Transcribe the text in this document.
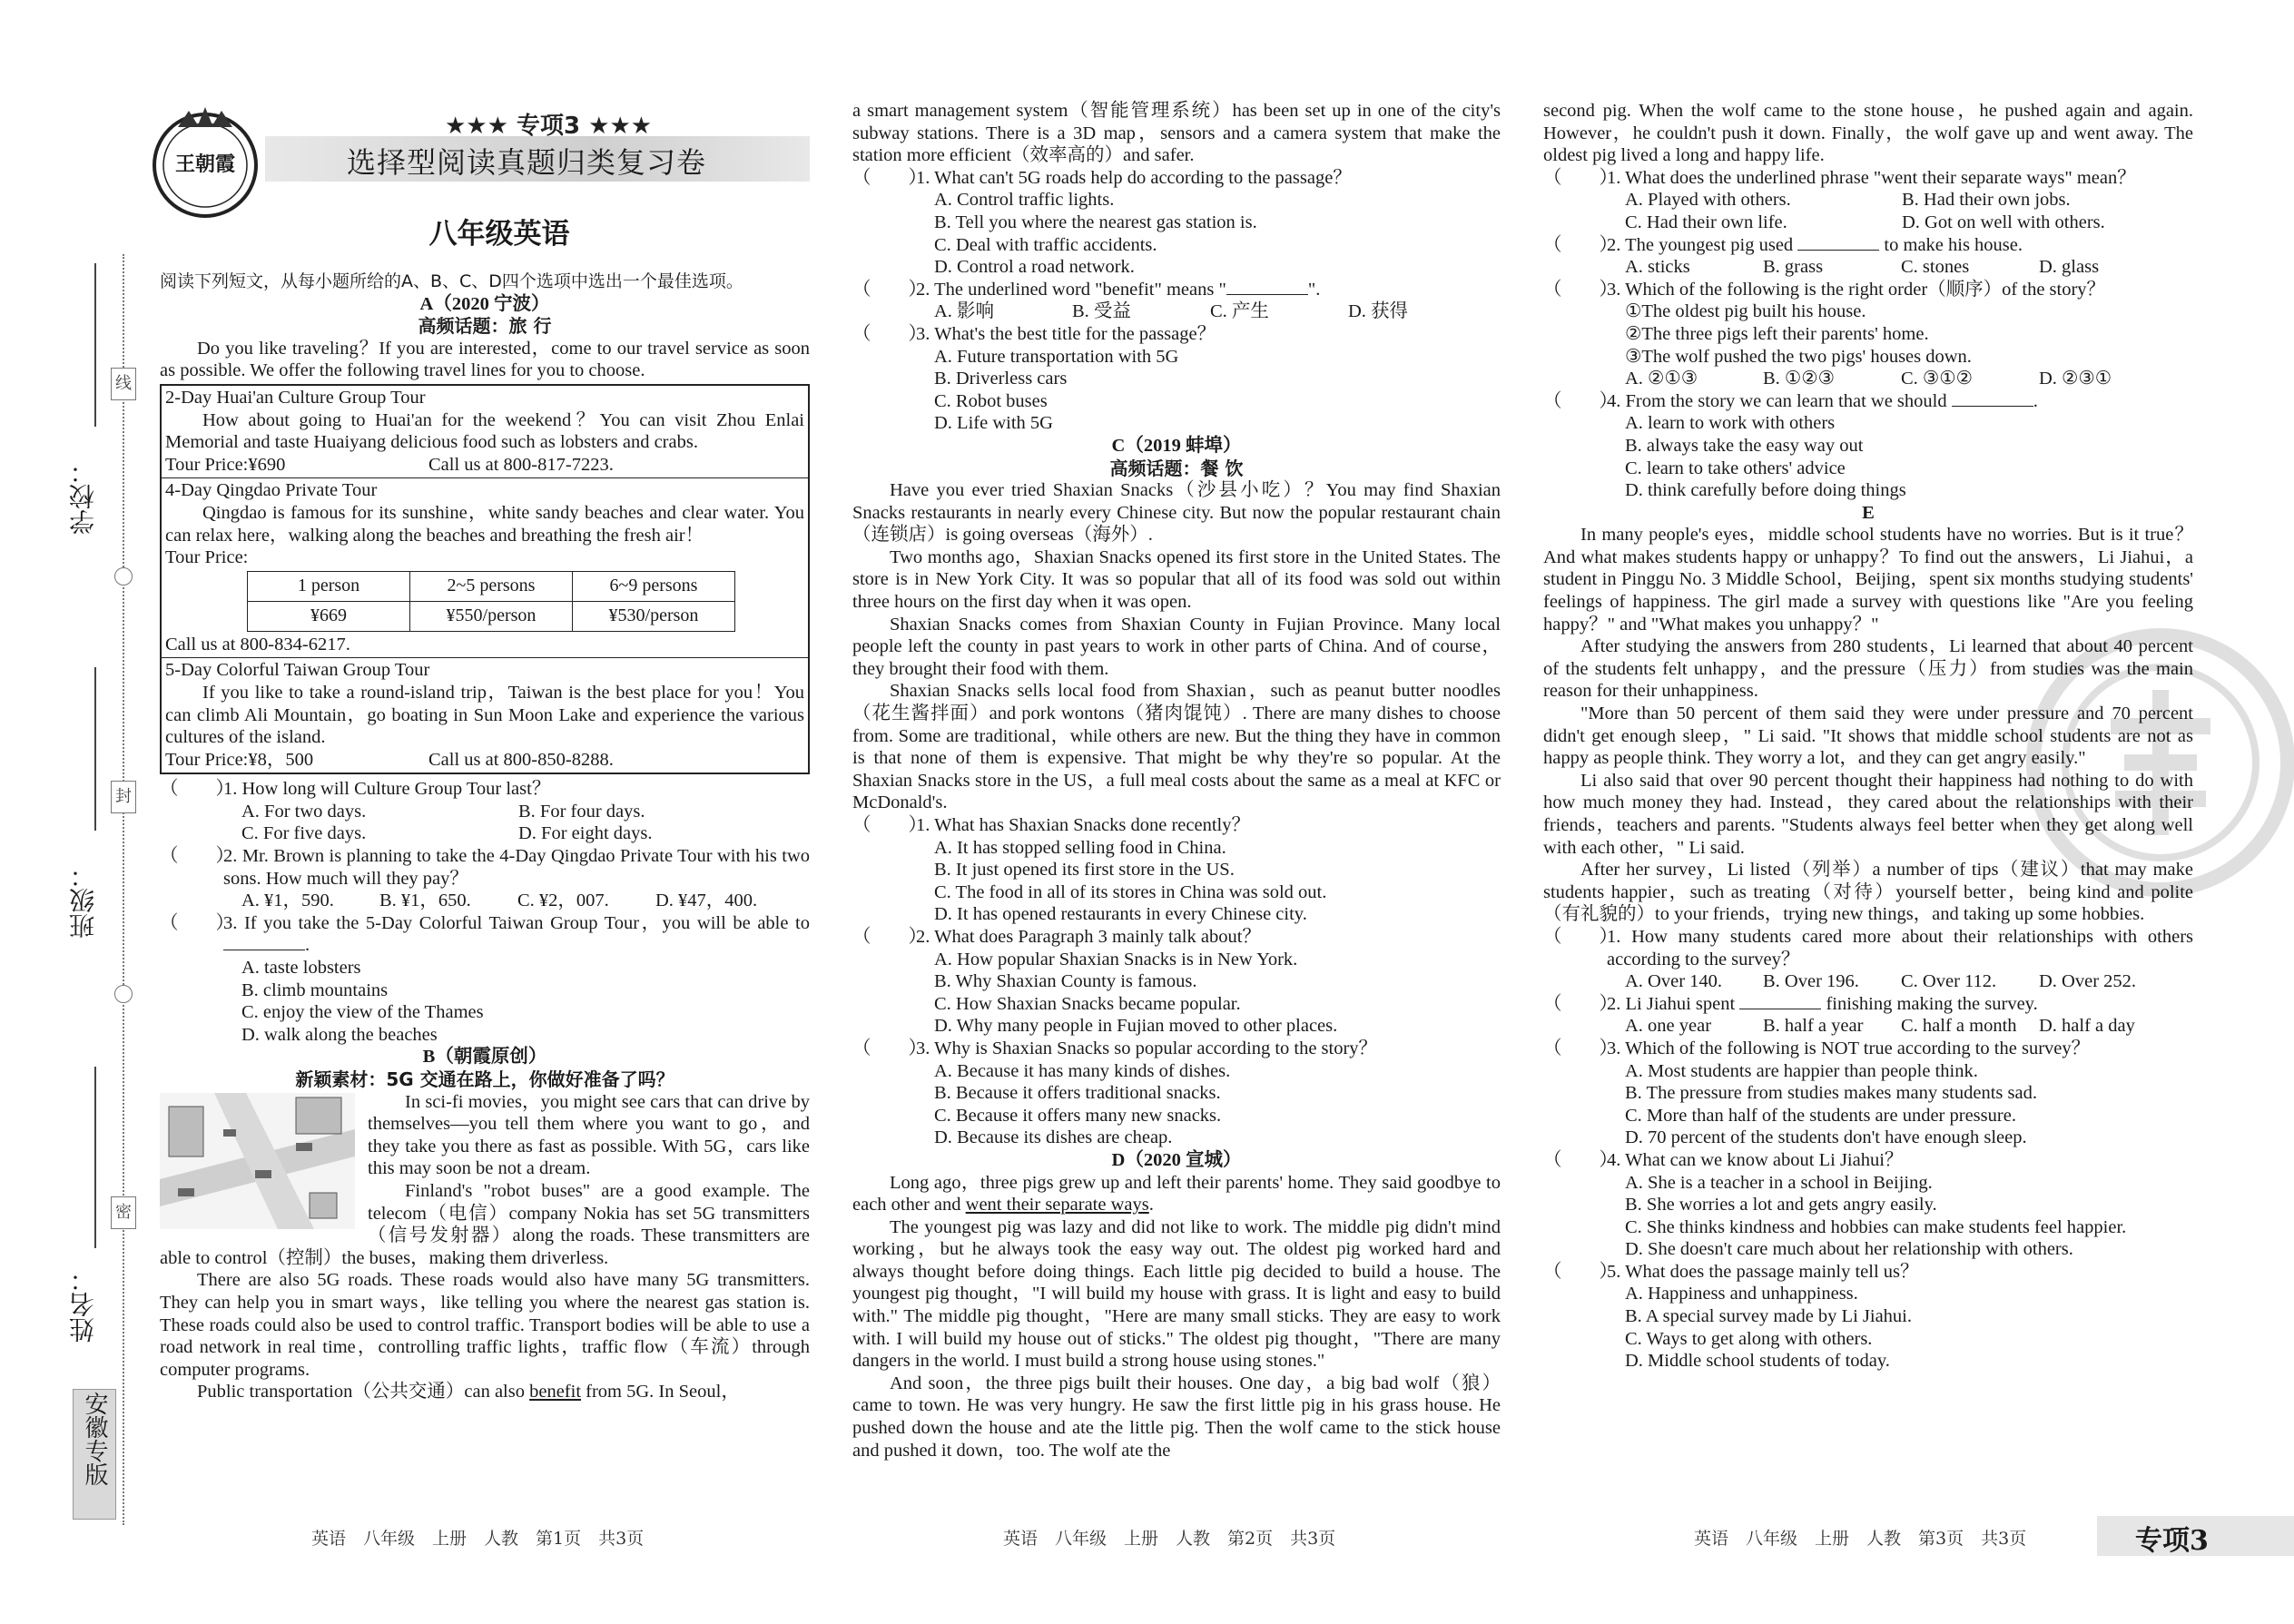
学校：
班级：
姓名：
线
封
密
安徽专版
王朝霞
★★★ 专项3 ★★★
选择型阅读真题归类复习卷
八年级英语

阅读下列短文，从每小题所给的A、B、C、D四个选项中选出一个最佳选项。

A（2020 宁波）

高频话题：旅 行

Do you like traveling？If you are interested，come to our travel service as soon as possible. We offer the following travel lines for you to choose.

2-Day Huai'an Culture Group Tour

How about going to Huai'an for the weekend？You can visit Zhou Enlai Memorial and taste Huaiyang delicious food such as lobsters and crabs.

Tour Price:¥690	Call us at 800-817-7223.

4-Day Qingdao Private Tour

Qingdao is famous for its sunshine，white sandy beaches and clear water. You can relax here，walking along the beaches and breathing the fresh air！

Tour Price:

1 person	2~5 persons	6~9 persons
¥669	¥550/person	¥530/person

Call us at 800-834-6217.

5-Day Colorful Taiwan Group Tour

If you like to take a round-island trip，Taiwan is the best place for you！You can climb Ali Mountain，go boating in Sun Moon Lake and experience the various cultures of the island.

Tour Price:¥8，500	Call us at 800-850-8288.

（　　）1. How long will Culture Group Tour last？

A. For two days.	B. For four days.
C. For five days.	D. For eight days.

（　　）2. Mr. Brown is planning to take the 4-Day Qingdao Private Tour with his two sons. How much will they pay？

A. ¥1，590.	B. ¥1，650.	C. ¥2，007.	D. ¥47，400.

（　　）3. If you take the 5-Day Colorful Taiwan Group Tour，you will be able to .

A. taste lobsters

B. climb mountains

C. enjoy the view of the Thames

D. walk along the beaches

B（朝霞原创）

新颖素材：5G 交通在路上，你做好准备了吗？

In sci-fi movies，you might see cars that can drive by themselves—you tell them where you want to go，and they take you there as fast as possible. With 5G，cars like this may soon be not a dream.

Finland's "robot buses" are a good example. The telecom（电信）company Nokia has set 5G transmitters（信号发射器）along the roads. These transmitters are able to control（控制）the buses，making them driverless.

There are also 5G roads. These roads would also have many 5G transmitters. They can help you in smart ways，like telling you where the nearest gas station is. These roads could also be used to control traffic. Transport bodies will be able to use a road network in real time，controlling traffic lights，traffic flow（车流）through computer programs.

Public transportation（公共交通）can also benefit from 5G. In Seoul，

a smart management system（智能管理系统）has been set up in one of the city's subway stations. There is a 3D map，sensors and a camera system that make the station more efficient（效率高的）and safer.

（　　）1. What can't 5G roads help do according to the passage？

A. Control traffic lights.

B. Tell you where the nearest gas station is.

C. Deal with traffic accidents.

D. Control a road network.

（　　）2. The underlined word "benefit" means "	".

A. 影响	B. 受益	C. 产生	D. 获得

（　　）3. What's the best title for the passage？

A. Future transportation with 5G

B. Driverless cars

C. Robot buses

D. Life with 5G

C（2019 蚌埠）

高频话题：餐 饮

Have you ever tried Shaxian Snacks（沙县小吃）？You may find Shaxian Snacks restaurants in nearly every Chinese city. But now the popular restaurant chain（连锁店）is going overseas（海外）.

Two months ago，Shaxian Snacks opened its first store in the United States. The store is in New York City. It was so popular that all of its food was sold out within three hours on the first day when it was open.

Shaxian Snacks comes from Shaxian County in Fujian Province. Many local people left the county in past years to work in other parts of China. And of course，they brought their food with them.

Shaxian Snacks sells local food from Shaxian，such as peanut butter noodles（花生酱拌面）and pork wontons（猪肉馄饨）. There are many dishes to choose from. Some are traditional，while others are new. But the thing they have in common is that none of them is expensive. That might be why they're so popular. At the Shaxian Snacks store in the US，a full meal costs about the same as a meal at KFC or McDonald's.

（　　）1. What has Shaxian Snacks done recently？

A. It has stopped selling food in China.

B. It just opened its first store in the US.

C. The food in all of its stores in China was sold out.

D. It has opened restaurants in every Chinese city.

（　　）2. What does Paragraph 3 mainly talk about？

A. How popular Shaxian Snacks is in New York.

B. Why Shaxian County is famous.

C. How Shaxian Snacks became popular.

D. Why many people in Fujian moved to other places.

（　　）3. Why is Shaxian Snacks so popular according to the story？

A. Because it has many kinds of dishes.

B. Because it offers traditional snacks.

C. Because it offers many new snacks.

D. Because its dishes are cheap.

D（2020 宣城）

Long ago，three pigs grew up and left their parents' home. They said goodbye to each other and went their separate ways.

The youngest pig was lazy and did not like to work. The middle pig didn't mind working，but he always took the easy way out. The oldest pig worked hard and always thought before doing things. Each little pig decided to build a house. The youngest pig thought，"I will build my house with grass. It is light and easy to build with." The middle pig thought，"Here are many small sticks. They are easy to work with. I will build my house out of sticks." The oldest pig thought，"There are many dangers in the world. I must build a strong house using stones."

And soon，the three pigs built their houses. One day，a big bad wolf（狼）came to town. He was very hungry. He saw the first little pig in his grass house. He pushed down the house and ate the little pig. Then the wolf came to the stick house and pushed it down，too. The wolf ate the

second pig. When the wolf came to the stone house，he pushed again and again. However，he couldn't push it down. Finally，the wolf gave up and went away. The oldest pig lived a long and happy life.

（　　）1. What does the underlined phrase "went their separate ways" mean？

A. Played with others.	B. Had their own jobs.
C. Had their own life.	D. Got on well with others.

（　　）2. The youngest pig used	to make his house.

A. sticks	B. grass	C. stones	D. glass

（　　）3. Which of the following is the right order（顺序）of the story？

①The oldest pig built his house.

②The three pigs left their parents' home.

③The wolf pushed the two pigs' houses down.

A. ②①③	B. ①②③	C. ③①②	D. ②③①

（　　）4. From the story we can learn that we should	.

A. learn to work with others

B. always take the easy way out

C. learn to take others' advice

D. think carefully before doing things

E

In many people's eyes，middle school students have no worries. But is it true？And what makes students happy or unhappy？To find out the answers，Li Jiahui，a student in Pinggu No. 3 Middle School，Beijing，spent six months studying students' feelings of happiness. The girl made a survey with questions like "Are you feeling happy？" and "What makes you unhappy？"

After studying the answers from 280 students，Li learned that about 40 percent of the students felt unhappy，and the pressure（压力）from studies was the main reason for their unhappiness.

"More than 50 percent of them said they were under pressure and 70 percent didn't get enough sleep，" Li said. "It shows that middle school students are not as happy as people think. They worry a lot，and they can get angry easily."

Li also said that over 90 percent thought their happiness had nothing to do with how much money they had. Instead，they cared about the relationships with their friends，teachers and parents. "Students always feel better when they get along well with each other，" Li said.

After her survey，Li listed（列举）a number of tips（建议）that may make students happier，such as treating（对待）yourself better，being kind and polite（有礼貌的）to your friends，trying new things，and taking up some hobbies.

（　　）1. How many students cared more about their relationships with others according to the survey？

A. Over 140.	B. Over 196.	C. Over 112.	D. Over 252.

（　　）2. Li Jiahui spent	finishing making the survey.

A. one year	B. half a year	C. half a month	D. half a day

（　　）3. Which of the following is NOT true according to the survey？

A. Most students are happier than people think.

B. The pressure from studies makes many students sad.

C. More than half of the students are under pressure.

D. 70 percent of the students don't have enough sleep.

（　　）4. What can we know about Li Jiahui？

A. She is a teacher in a school in Beijing.

B. She worries a lot and gets angry easily.

C. She thinks kindness and hobbies can make students feel happier.

D. She doesn't care much about her relationship with others.

（　　）5. What does the passage mainly tell us？

A. Happiness and unhappiness.

B. A special survey made by Li Jiahui.

C. Ways to get along with others.

D. Middle school students of today.

英语　八年级　上册　人教　第1页　共3页	英语　八年级　上册　人教　第2页　共3页	英语　八年级　上册　人教　第3页　共3页	专项3
